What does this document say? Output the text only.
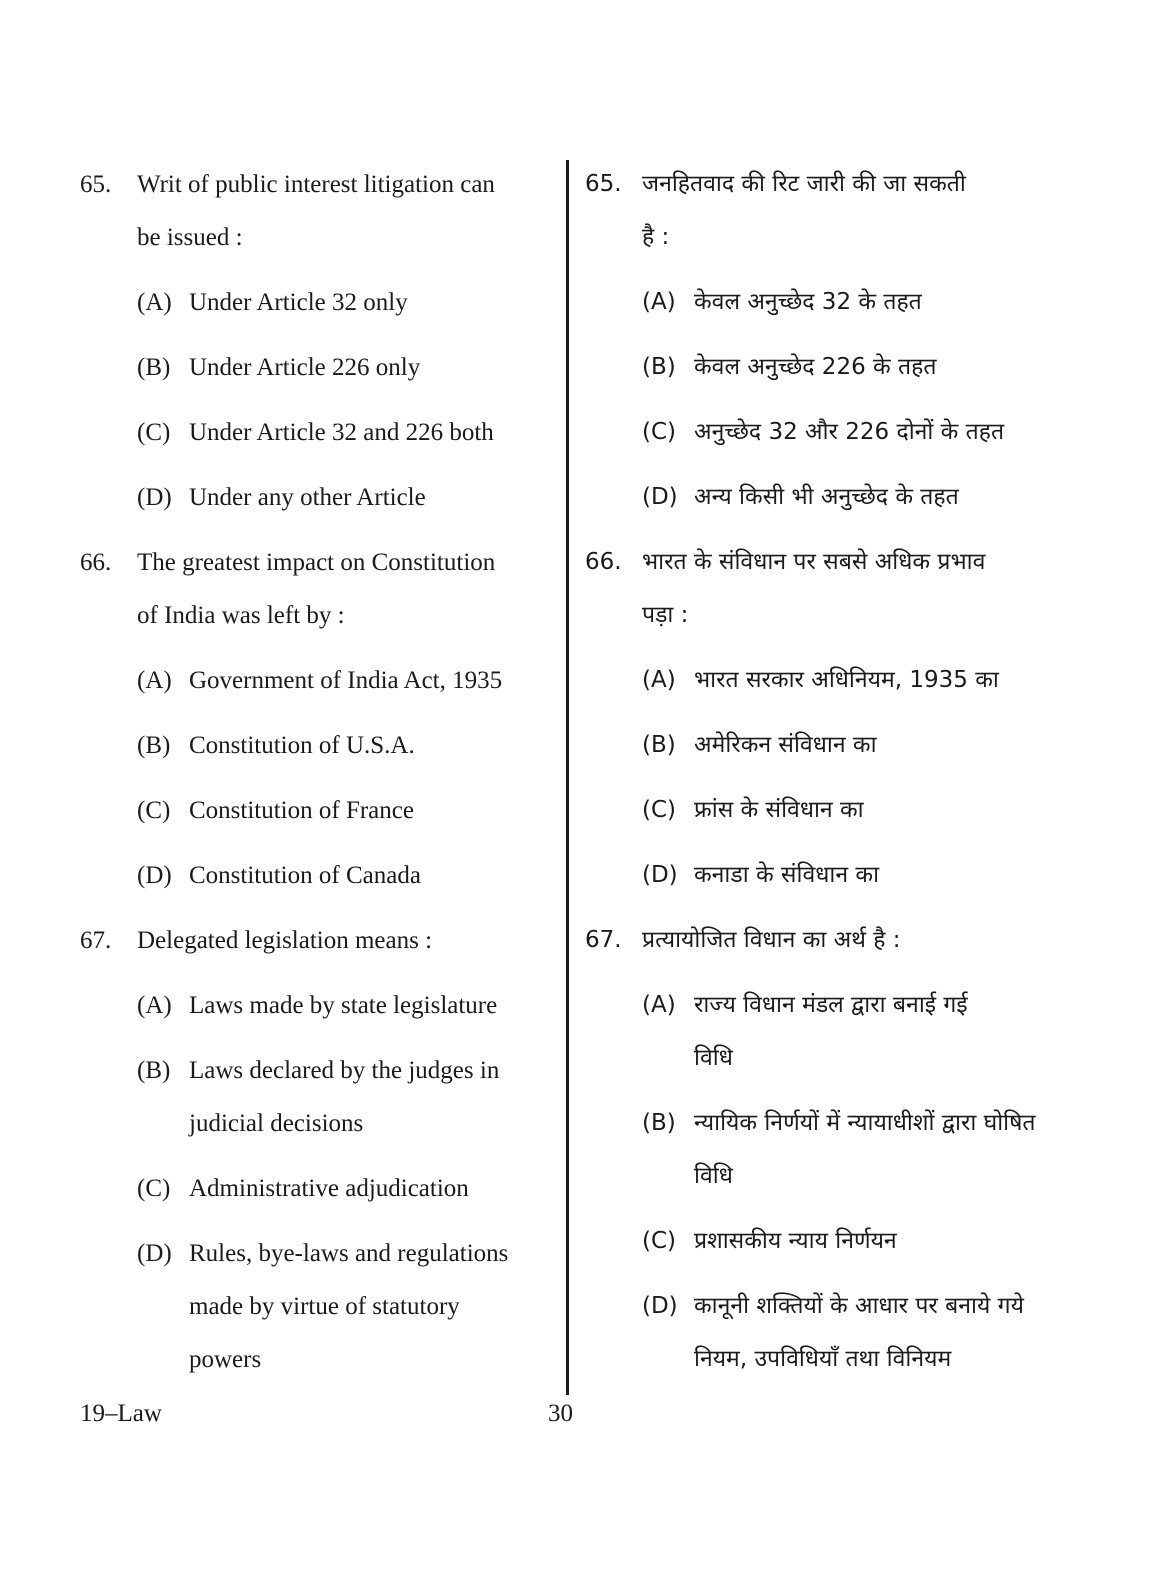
65.	Writ of public interest litigation can
be issued :
(A) Under Article 32 only
(B) Under Article 226 only
(C) Under Article 32 and 226 both
(D) Under any other Article
66.	The greatest impact on Constitution
of India was left by :
(A) Government of India Act, 1935
(B) Constitution of U.S.A.
(C) Constitution of France
(D) Constitution of Canada
67.	Delegated legislation means :
(A) Laws made by state legislature
(B) Laws declared by the judges in
judicial decisions
(C) Administrative adjudication
(D) Rules, bye-laws and regulations
made by virtue of statutory
powers
65. जनहितवाद की रिट जारी की जा सकती
है :
(A) केवल अनुच्छेद 32 के तहत
(B) केवल अनुच्छेद 226 के तहत
(C) अनुच्छेद 32 और 226 दोनों के तहत
(D) अन्य किसी भी अनुच्छेद के तहत
66. भारत के संविधान पर सबसे अधिक प्रभाव
पड़ा :
(A) भारत सरकार अधिनियम, 1935 का
(B) अमेरिकन संविधान का
(C) फ्रांस के संविधान का
(D) कनाडा के संविधान का
67. प्रत्यायोजित विधान का अर्थ है :
(A) राज्य विधान मंडल द्वारा बनाई गई
विधि
(B) न्यायिक निर्णयों में न्यायाधीशों द्वारा घोषित
विधि
(C) प्रशासकीय न्याय निर्णयन
(D) कानूनी शक्तियों के आधार पर बनाये गये
नियम, उपविधियाँ तथा विनियम
19–Law	30
